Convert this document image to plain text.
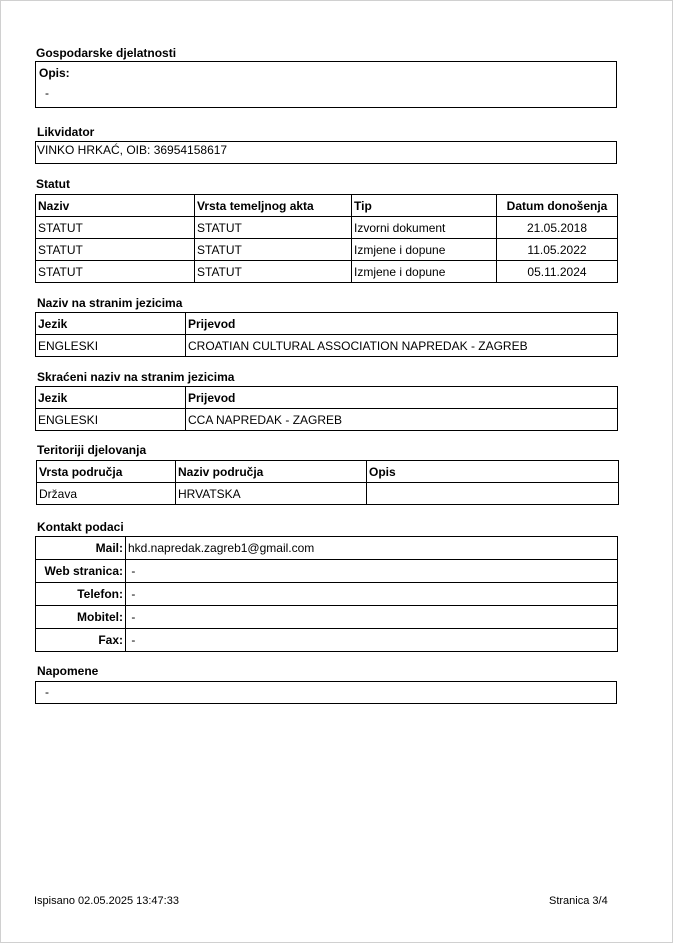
Gospodarske djelatnosti
Opis:
-
Likvidator
VINKO HRKAĆ, OIB: 36954158617
Statut
Naziv	Vrsta temeljnog akta	Tip	Datum donošenja
STATUT	STATUT	Izvorni dokument	21.05.2018
STATUT	STATUT	Izmjene i dopune	11.05.2022
STATUT	STATUT	Izmjene i dopune	05.11.2024
Naziv na stranim jezicima
Jezik	Prijevod
ENGLESKI	CROATIAN CULTURAL ASSOCIATION NAPREDAK - ZAGREB
Skraćeni naziv na stranim jezicima
Jezik	Prijevod
ENGLESKI	CCA NAPREDAK - ZAGREB
Teritoriji djelovanja
Vrsta područja	Naziv područja	Opis
Država	HRVATSKA	
Kontakt podaci
Mail:	hkd.napredak.zagreb1@gmail.com
Web stranica:	-
Telefon:	-
Mobitel:	-
Fax:	-
Napomene
-
Ispisano 02.05.2025 13:47:33	Stranica 3/4
